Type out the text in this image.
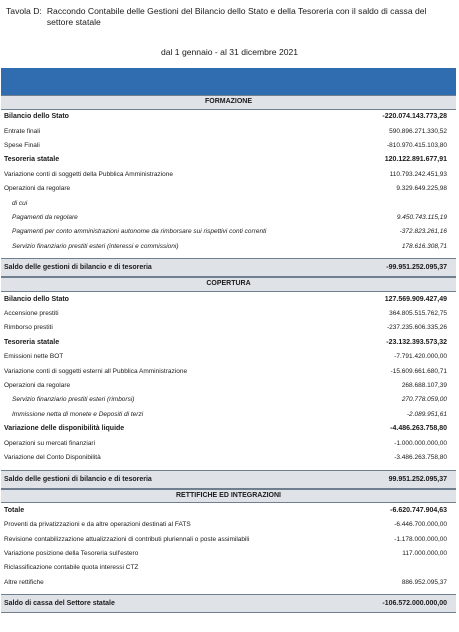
Tavola D: Raccondo Contabile delle Gestioni del Bilancio dello Stato e della Tesoreria con il saldo di cassa del settore statale
dal 1 gennaio - al 31 dicembre 2021
FORMAZIONE
Bilancio dello Stato	-220.074.143.773,28
Entrate finali	590.896.271.330,52
Spese Finali	-810.970.415.103,80
Tesoreria statale	120.122.891.677,91
Variazione conti di soggetti della Pubblica Amministrazione	110.793.242.451,93
Operazioni da regolare	9.329.649.225,98
di cui
Pagamenti da regolare	9.450.743.115,19
Pagamenti per conto amministrazioni autonome da rimborsare sui rispettivi conti correnti	-372.823.261,16
Servizio finanziario prestiti esteri (interessi e commissioni)	178.616.308,71
Saldo delle gestioni di bilancio e di tesoreria	-99.951.252.095,37
COPERTURA
Bilancio dello Stato	127.569.909.427,49
Accensione prestiti	364.805.515.762,75
Rimborso prestiti	-237.235.606.335,26
Tesoreria statale	-23.132.393.573,32
Emissioni nette BOT	-7.791.420.000,00
Variazione conti di soggetti esterni all Pubblica Amministrazione	-15.609.661.680,71
Operazioni da regolare	268.688.107,39
Servizio finanziario prestiti esteri (rimborsi)	270.778.059,00
Immissione netta di monete e Depositi di terzi	-2.089.951,61
Variazione delle disponibilità liquide	-4.486.263.758,80
Operazioni su mercati finanziari	-1.000.000.000,00
Variazione del Conto Disponibilità	-3.486.263.758,80
Saldo delle gestioni di bilancio e di tesoreria	99.951.252.095,37
RETTIFICHE ED INTEGRAZIONI
Totale	-6.620.747.904,63
Proventi da privatizzazioni e da altre operazioni destinati al FATS	-6.446.700.000,00
Revisione contabilizzazione attualizzazioni di contributi pluriennali o poste assimilabili	-1.178.000.000,00
Variazione posizione della Tesoreria sull'estero	117.000.000,00
Riclassificazione contabile quota interessi CTZ
Altre rettifiche	886.952.095,37
Saldo di cassa del Settore statale	-106.572.000.000,00
